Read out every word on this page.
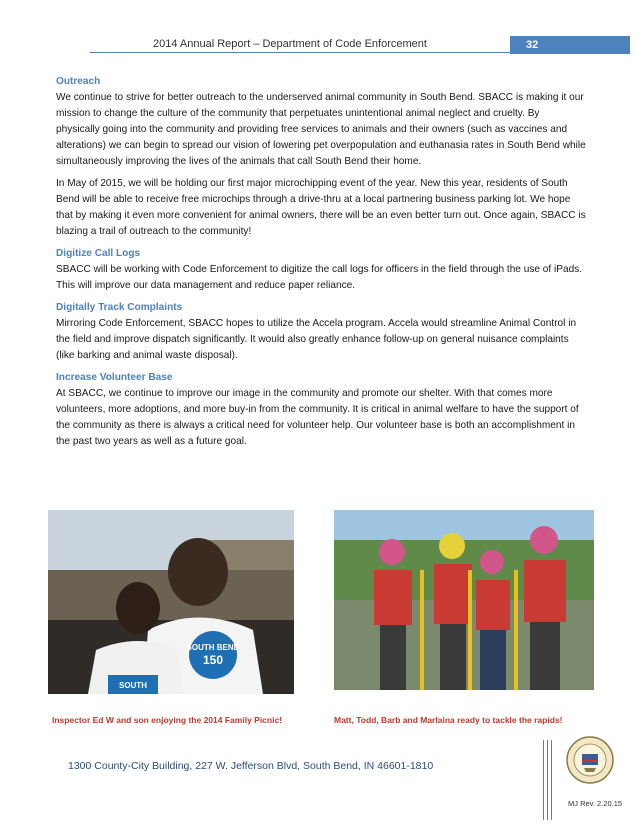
2014 Annual Report – Department of Code Enforcement	32
Outreach

We continue to strive for better outreach to the underserved animal community in South Bend. SBACC is making it our mission to change the culture of the community that perpetuates unintentional animal neglect and cruelty. By physically going into the community and providing free services to animals and their owners (such as vaccines and alterations) we can begin to spread our vision of lowering pet overpopulation and euthanasia rates in South Bend while simultaneously improving the lives of the animals that call South Bend their home.

In May of 2015, we will be holding our first major microchipping event of the year. New this year, residents of South Bend will be able to receive free microchips through a drive-thru at a local partnering business parking lot. We hope that by making it even more convenient for animal owners, there will be an even better turn out. Once again, SBACC is blazing a trail of outreach to the community!

Digitize Call Logs

SBACC will be working with Code Enforcement to digitize the call logs for officers in the field through the use of iPads. This will improve our data management and reduce paper reliance.

Digitally Track Complaints

Mirroring Code Enforcement, SBACC hopes to utilize the Accela program. Accela would streamline Animal Control in the field and improve dispatch significantly. It would also greatly enhance follow-up on general nuisance complaints (like barking and animal waste disposal).

Increase Volunteer Base

At SBACC, we continue to improve our image in the community and promote our shelter. With that comes more volunteers, more adoptions, and more buy-in from the community. It is critical in animal welfare to have the support of the community as there is always a critical need for volunteer help. Our volunteer base is both an accomplishment in the past two years as well as a future goal.

SOUTH BEND
150
SOUTH
Inspector Ed W and son enjoying the 2014 Family Picnic!	Matt, Todd, Barb and Marlaina ready to tackle the rapids!
1300 County-City Building, 227 W. Jefferson Blvd, South Bend, IN 46601-1810
MJ Rev. 2.20.15
